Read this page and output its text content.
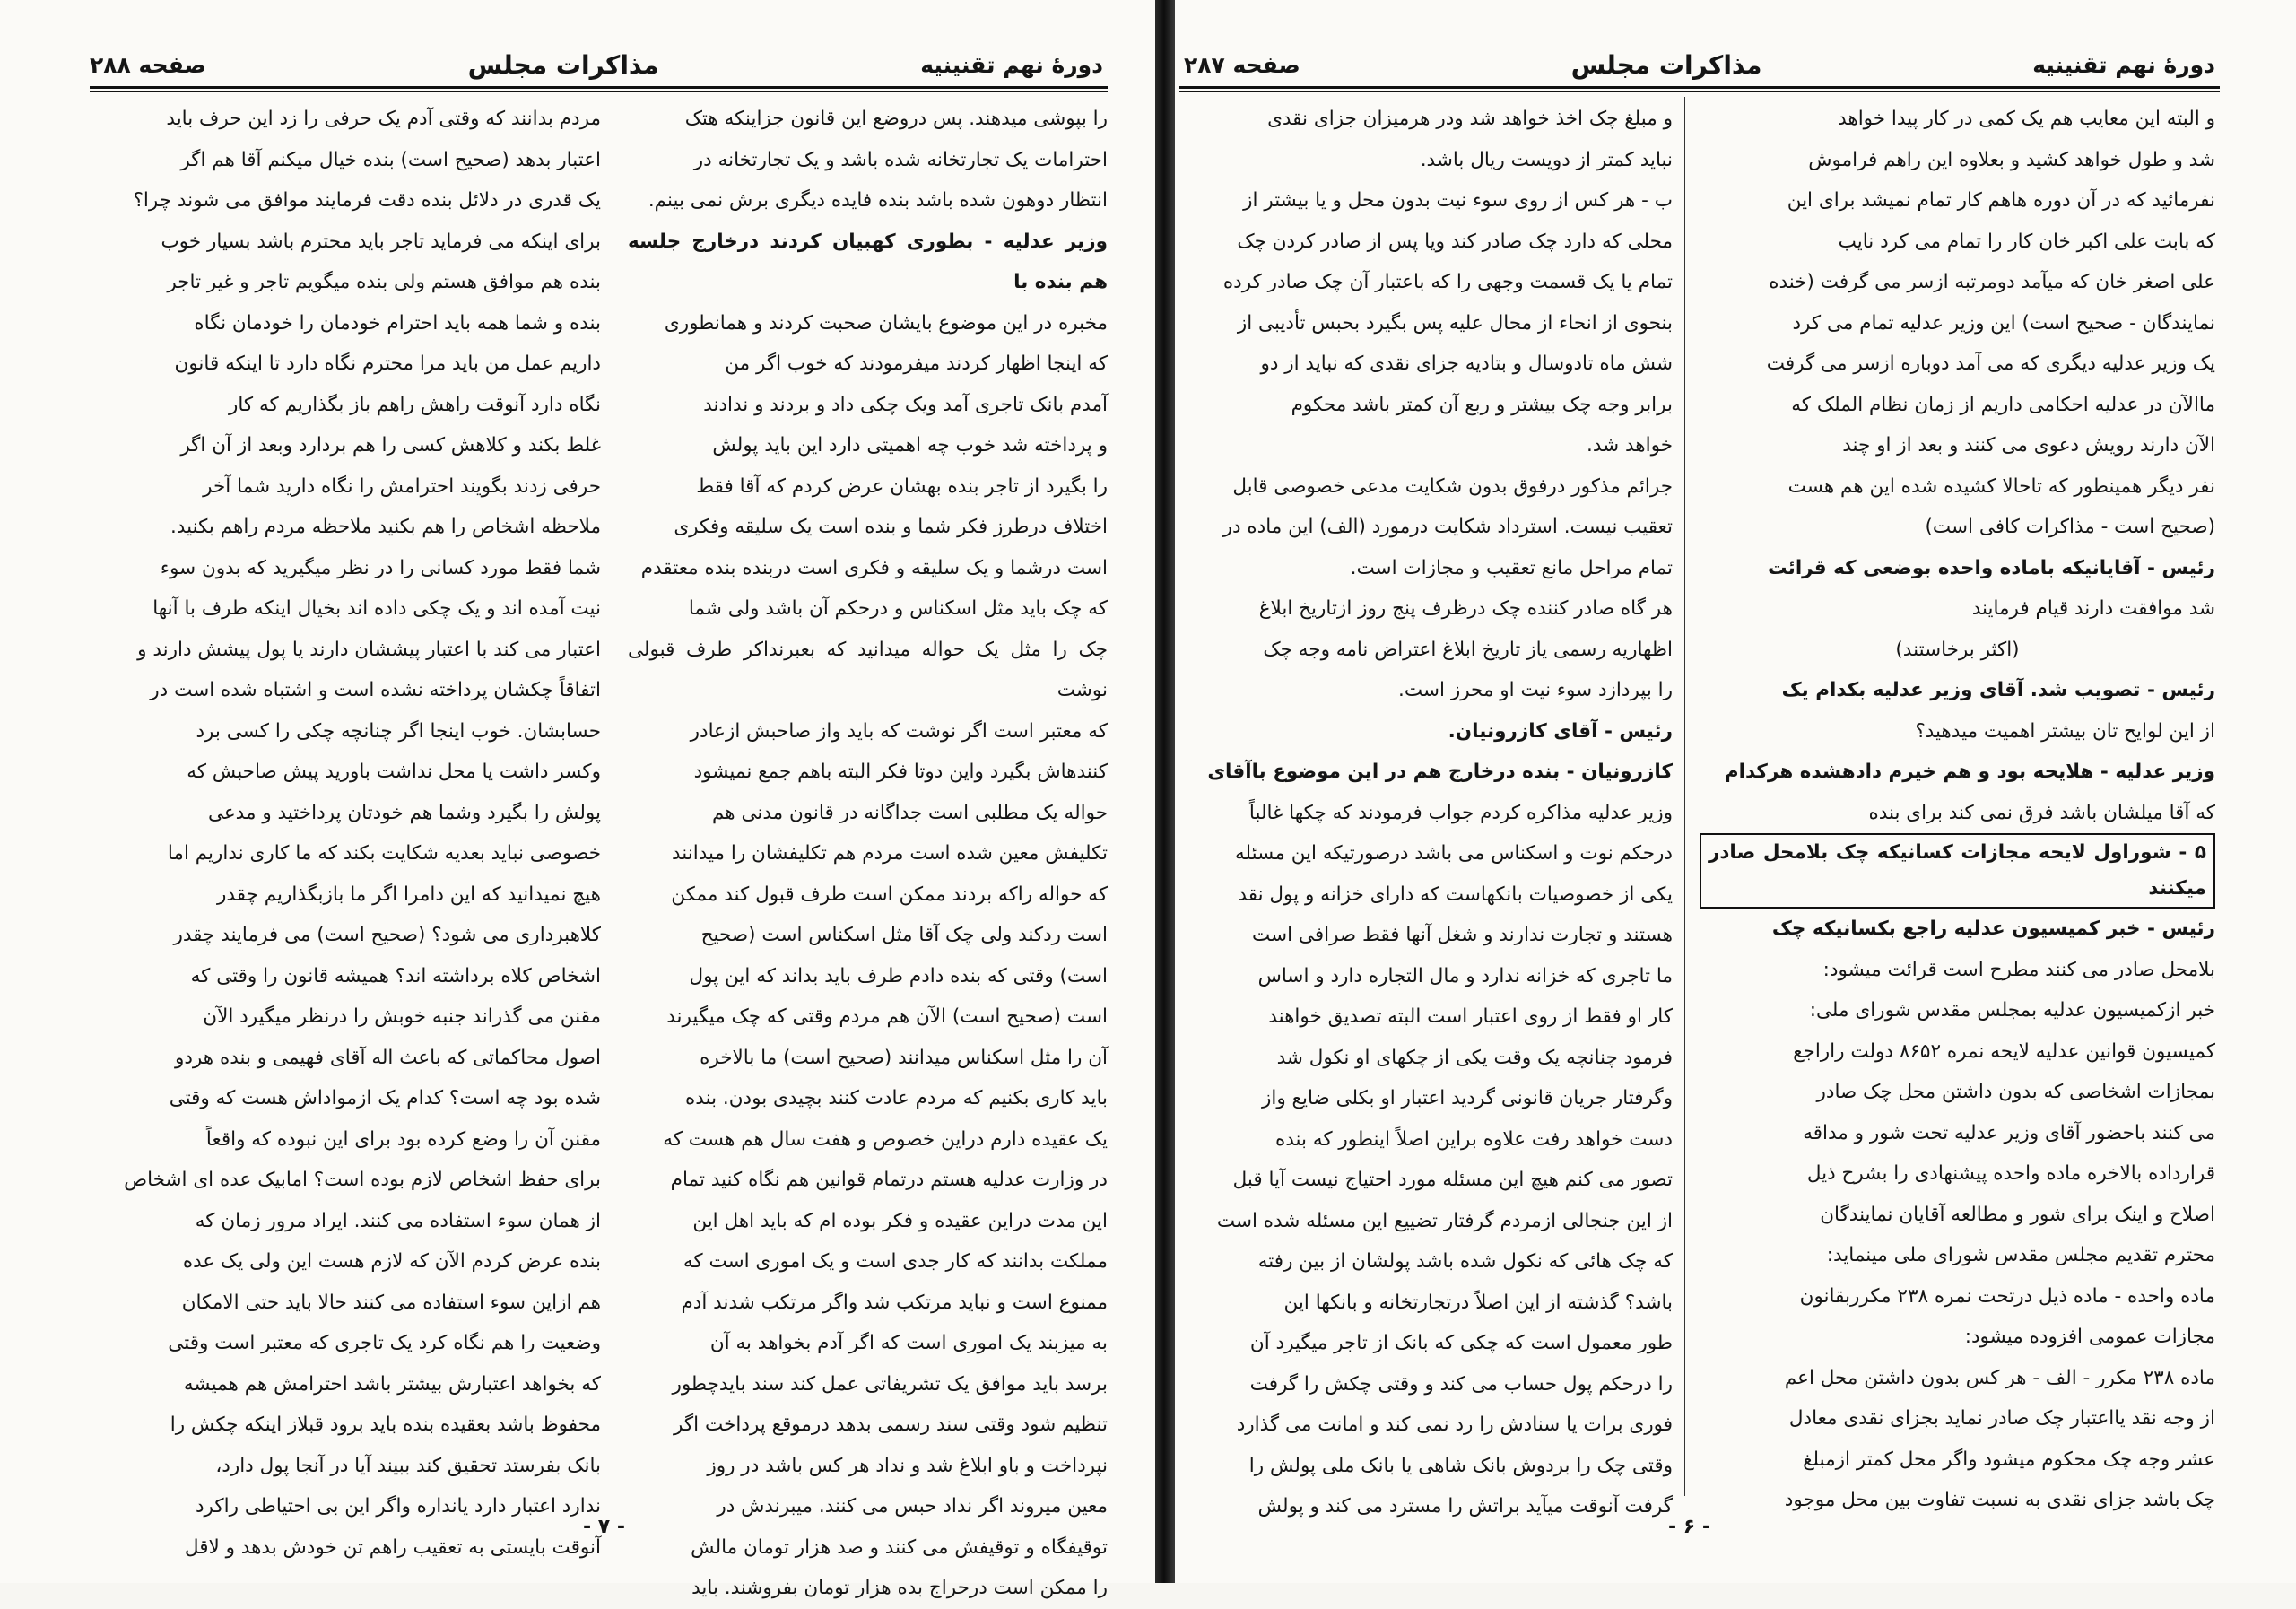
دورهٔ نهم تقنینیه
مذاکرات مجلس
صفحه ۲۸۸

را بپوشی میدهند. پس دروضع این قانون جزاینکه هتک

احترامات یک تجارتخانه شده باشد و یک تجارتخانه در

انتظار دوهون شده باشد بنده فایده دیگری برش نمی بینم.

وزیر عدلیه - بطوری کهبیان کردند درخارج جلسه هم بنده با

مخبره در این موضوع بایشان صحبت کردند و همانطوری

که اینجا اظهار کردند میفرمودند که خوب اگر من

آمدم بانک تاجری آمد ویک چکی داد و بردند و ندادند

و پرداخته شد خوب چه اهمیتی دارد این باید پولش

را بگیرد از تاجر بنده بهشان عرض کردم که آقا فقط

اختلاف درطرز فکر شما و بنده است یک سلیقه وفکری

است درشما و یک سلیقه و فکری است دربنده بنده معتقدم

که چک باید مثل اسکناس و درحکم آن باشد ولی شما

چک را مثل یک حواله میدانید که بعبرنداکر طرف قبولی نوشت

که معتبر است اگر نوشت که باید واز صاحبش ازعادر

کنندهاش بگیرد واین دوتا فکر البته باهم جمع نمیشود

حواله یک مطلبی است جداگانه در قانون مدنی هم

تکلیفش معین شده است مردم هم تکلیفشان را میدانند

که حواله راکه بردند ممکن است طرف قبول کند ممکن

است ردکند ولی چک آقا مثل اسکناس است (صحیح

است) وقتی که بنده دادم طرف باید بداند که این پول

است (صحیح است) الآن هم مردم وقتی که چک میگیرند

آن را مثل اسکناس میدانند (صحیح است) ما بالاخره

باید کاری بکنیم که مردم عادت کنند بچیدی بودن. بنده

یک عقیده دارم دراین خصوص و هفت سال هم هست که

در وزارت عدلیه هستم درتمام قوانین هم نگاه کنید تمام

این مدت دراین عقیده و فکر بوده ام که باید اهل این

مملکت بدانند که کار جدی است و یک اموری است که

ممنوع است و نباید مرتکب شد واگر مرتکب شدند آدم

به میزبند یک اموری است که اگر آدم بخواهد به آن

برسد باید موافق یک تشریفاتی عمل کند سند بایدچطور

تنظیم شود وقتی سند رسمی بدهد درموقع پرداخت اگر

نپرداخت و باو ابلاغ شد و نداد هر کس باشد در روز

معین میروند اگر نداد حبس می کنند. میبرندش در

توقیفگاه و توقیفش می کنند و صد هزار تومان مالش

را ممکن است درحراج بده هزار تومان بفروشند. باید

مردم بدانند که وقتی آدم یک حرفی را زد این حرف باید

اعتبار بدهد (صحیح است) بنده خیال میکنم آقا هم اگر

یک قدری در دلائل بنده دقت فرمایند موافق می شوند چرا؟

برای اینکه می فرماید تاجر باید محترم باشد بسیار خوب

بنده هم موافق هستم ولی بنده میگویم تاجر و غیر تاجر

بنده و شما همه باید احترام خودمان را خودمان نگاه

داریم عمل من باید مرا محترم نگاه دارد تا اینکه قانون

نگاه دارد آنوقت راهش راهم باز بگذاریم که کار

غلط بکند و کلاهش کسی را هم بردارد وبعد از آن اگر

حرفی زدند بگویند احترامش را نگاه دارید شما آخر

ملاحظه اشخاص را هم بکنید ملاحظه مردم راهم بکنید.

شما فقط مورد کسانی را در نظر میگیرید که بدون سوء

نیت آمده اند و یک چکی داده اند بخیال اینکه طرف با آنها

اعتبار می کند با اعتبار پیششان دارند یا پول پیشش دارند و

اتفاقاً چکشان پرداخته نشده است و اشتباه شده است در

حسابشان. خوب اینجا اگر چنانچه چکی را کسی برد

وکسر داشت یا محل نداشت باورید پیش صاحبش که

پولش را بگیرد وشما هم خودتان پرداختید و مدعی

خصوصی نباید بعدیه شکایت بکند که ما کاری نداریم اما

هیچ نمیدانید که این دامرا اگر ما بازبگذاریم چقدر

کلاهبرداری می شود؟ (صحیح است) می فرمایند چقدر

اشخاص کلاه برداشته اند؟ همیشه قانون را وقتی که

مقنن می گذراند جنبه خوبش را درنظر میگیرد الآن

اصول محاکماتی که باعث اله آقای فهیمی و بنده هردو

شده بود چه است؟ کدام یک ازمواداش هست که وقتی

مقنن آن را وضع کرده بود برای این نبوده که واقعاً

برای حفظ اشخاص لازم بوده است؟ امابیک عده ای اشخاص

از همان سوء استفاده می کنند. ایراد مرور زمان که

بنده عرض کردم الآن که لازم هست این ولی یک عده

هم ازاین سوء استفاده می کنند حالا باید حتی الامکان

وضعیت را هم نگاه کرد یک تاجری که معتبر است وقتی

که بخواهد اعتبارش بیشتر باشد احترامش هم همیشه

محفوظ باشد بعقیده بنده باید برود قبلاز اینکه چکش را

بانک بفرستد تحقیق کند ببیند آیا در آنجا پول دارد،

ندارد اعتبار دارد یانداره واگر این بی احتیاطی راکرد

آنوقت بایستی به تعقیب راهم تن خودش بدهد و لاقل

- ۷ -
دورهٔ نهم تقنینیه
مذاکرات مجلس
صفحه ۲۸۷

و البته این معایب هم یک کمی در کار پیدا خواهد

شد و طول خواهد کشید و بعلاوه این راهم فراموش

نفرمائید که در آن دوره هاهم کار تمام نمیشد برای این

که بابت علی اکبر خان کار را تمام می کرد نایب

علی اصغر خان که میآمد دومرتبه ازسر می گرفت (خنده

نمایندگان - صحیح است) این وزیر عدلیه تمام می کرد

یک وزیر عدلیه دیگری که می آمد دوباره ازسر می گرفت

ماالآن در عدلیه احکامی داریم از زمان نظام الملک که

الآن دارند رویش دعوی می کنند و بعد از او چند

نفر دیگر همینطور که تاحالا کشیده شده این هم هست

(صحیح است - مذاکرات کافی است)

رئیس - آقایانیکه باماده واحده بوضعی که قرائت

شد موافقت دارند قیام فرمایند

(اکثر برخاستند)

رئیس - تصویب شد. آقای وزیر عدلیه بکدام یک

از این لوایح تان بیشتر اهمیت میدهید؟

وزیر عدلیه - هلایحه بود و هم خیرم دادهشده هرکدام

که آقا میلشان باشد فرق نمی کند برای بنده

۵ - شوراول لایحه مجازات کسانیکه چک بلامحل صادر میکنند

رئیس - خبر کمیسیون عدلیه راجع بکسانیکه چک

بلامحل صادر می کنند مطرح است قرائت میشود:

خبر ازکمیسیون عدلیه بمجلس مقدس شورای ملی:

کمیسیون قوانین عدلیه لایحه نمره ۸۶۵۲ دولت راراجع

بمجازات اشخاصی که بدون داشتن محل چک صادر

می کنند باحضور آقای وزیر عدلیه تحت شور و مداقه

قرارداده بالاخره ماده واحده پیشنهادی را بشرح ذیل

اصلاح و اینک برای شور و مطالعه آقایان نمایندگان

محترم تقدیم مجلس مقدس شورای ملی مینماید:

ماده واحده - ماده ذیل درتحت نمره ۲۳۸ مکرربقانون

مجازات عمومی افزوده میشود:

ماده ۲۳۸ مکرر - الف - هر کس بدون داشتن محل اعم

از وجه نقد یااعتبار چک صادر نماید بجزای نقدی معادل

عشر وجه چک محکوم میشود واگر محل کمتر ازمبلغ

چک باشد جزای نقدی به نسبت تفاوت بین محل موجود

و مبلغ چک اخذ خواهد شد ودر هرمیزان جزای نقدی

نباید کمتر از دویست ریال باشد.

ب - هر کس از روی سوء نیت بدون محل و یا بیشتر از

محلی که دارد چک صادر کند ویا پس از صادر کردن چک

تمام یا یک قسمت وجهی را که باعتبار آن چک صادر کرده

بنحوی از انحاء از محال علیه پس بگیرد بحبس تأدیبی از

شش ماه تادوسال و بتادیه جزای نقدی که نباید از دو

برابر وجه چک بیشتر و ربع آن کمتر باشد محکوم

خواهد شد.

جرائم مذکور درفوق بدون شکایت مدعی خصوصی قابل

تعقیب نیست. استرداد شکایت درمورد (الف) این ماده در

تمام مراحل مانع تعقیب و مجازات است.

هر گاه صادر کننده چک درظرف پنج روز ازتاریخ ابلاغ

اظهاریه رسمی یاز تاریخ ابلاغ اعتراض نامه وجه چک

را بپردازد سوء نیت او محرز است.

رئیس - آقای کازرونیان.

کازرونیان - بنده درخارج هم در این موضوع باآقای

وزیر عدلیه مذاکره کردم جواب فرمودند که چکها غالباً

درحکم نوت و اسکناس می باشد درصورتیکه این مسئله

یکی از خصوصیات بانکهاست که دارای خزانه و پول نقد

هستند و تجارت ندارند و شغل آنها فقط صرافی است

ما تاجری که خزانه ندارد و مال التجاره دارد و اساس

کار او فقط از روی اعتبار است البته تصدیق خواهند

فرمود چنانچه یک وقت یکی از چکهای او نکول شد

وگرفتار جریان قانونی گردید اعتبار او بکلی ضایع واز

دست خواهد رفت علاوه براین اصلاً اینطور که بنده

تصور می کنم هیچ این مسئله مورد احتیاج نیست آیا قبل

از این جنجالی ازمردم گرفتار تضییع این مسئله شده است

که چک هائی که نکول شده باشد پولشان از بین رفته

باشد؟ گذشته از این اصلاً درتجارتخانه و بانکها این

طور معمول است که چکی که بانک از تاجر میگیرد آن

را درحکم پول حساب می کند و وقتی چکش را گرفت

فوری برات یا سنادش را رد نمی کند و امانت می گذارد

وقتی چک را بردوش بانک شاهی یا بانک ملی پولش را

گرفت آنوقت میآید براتش را مسترد می کند و پولش

- ۶ -
